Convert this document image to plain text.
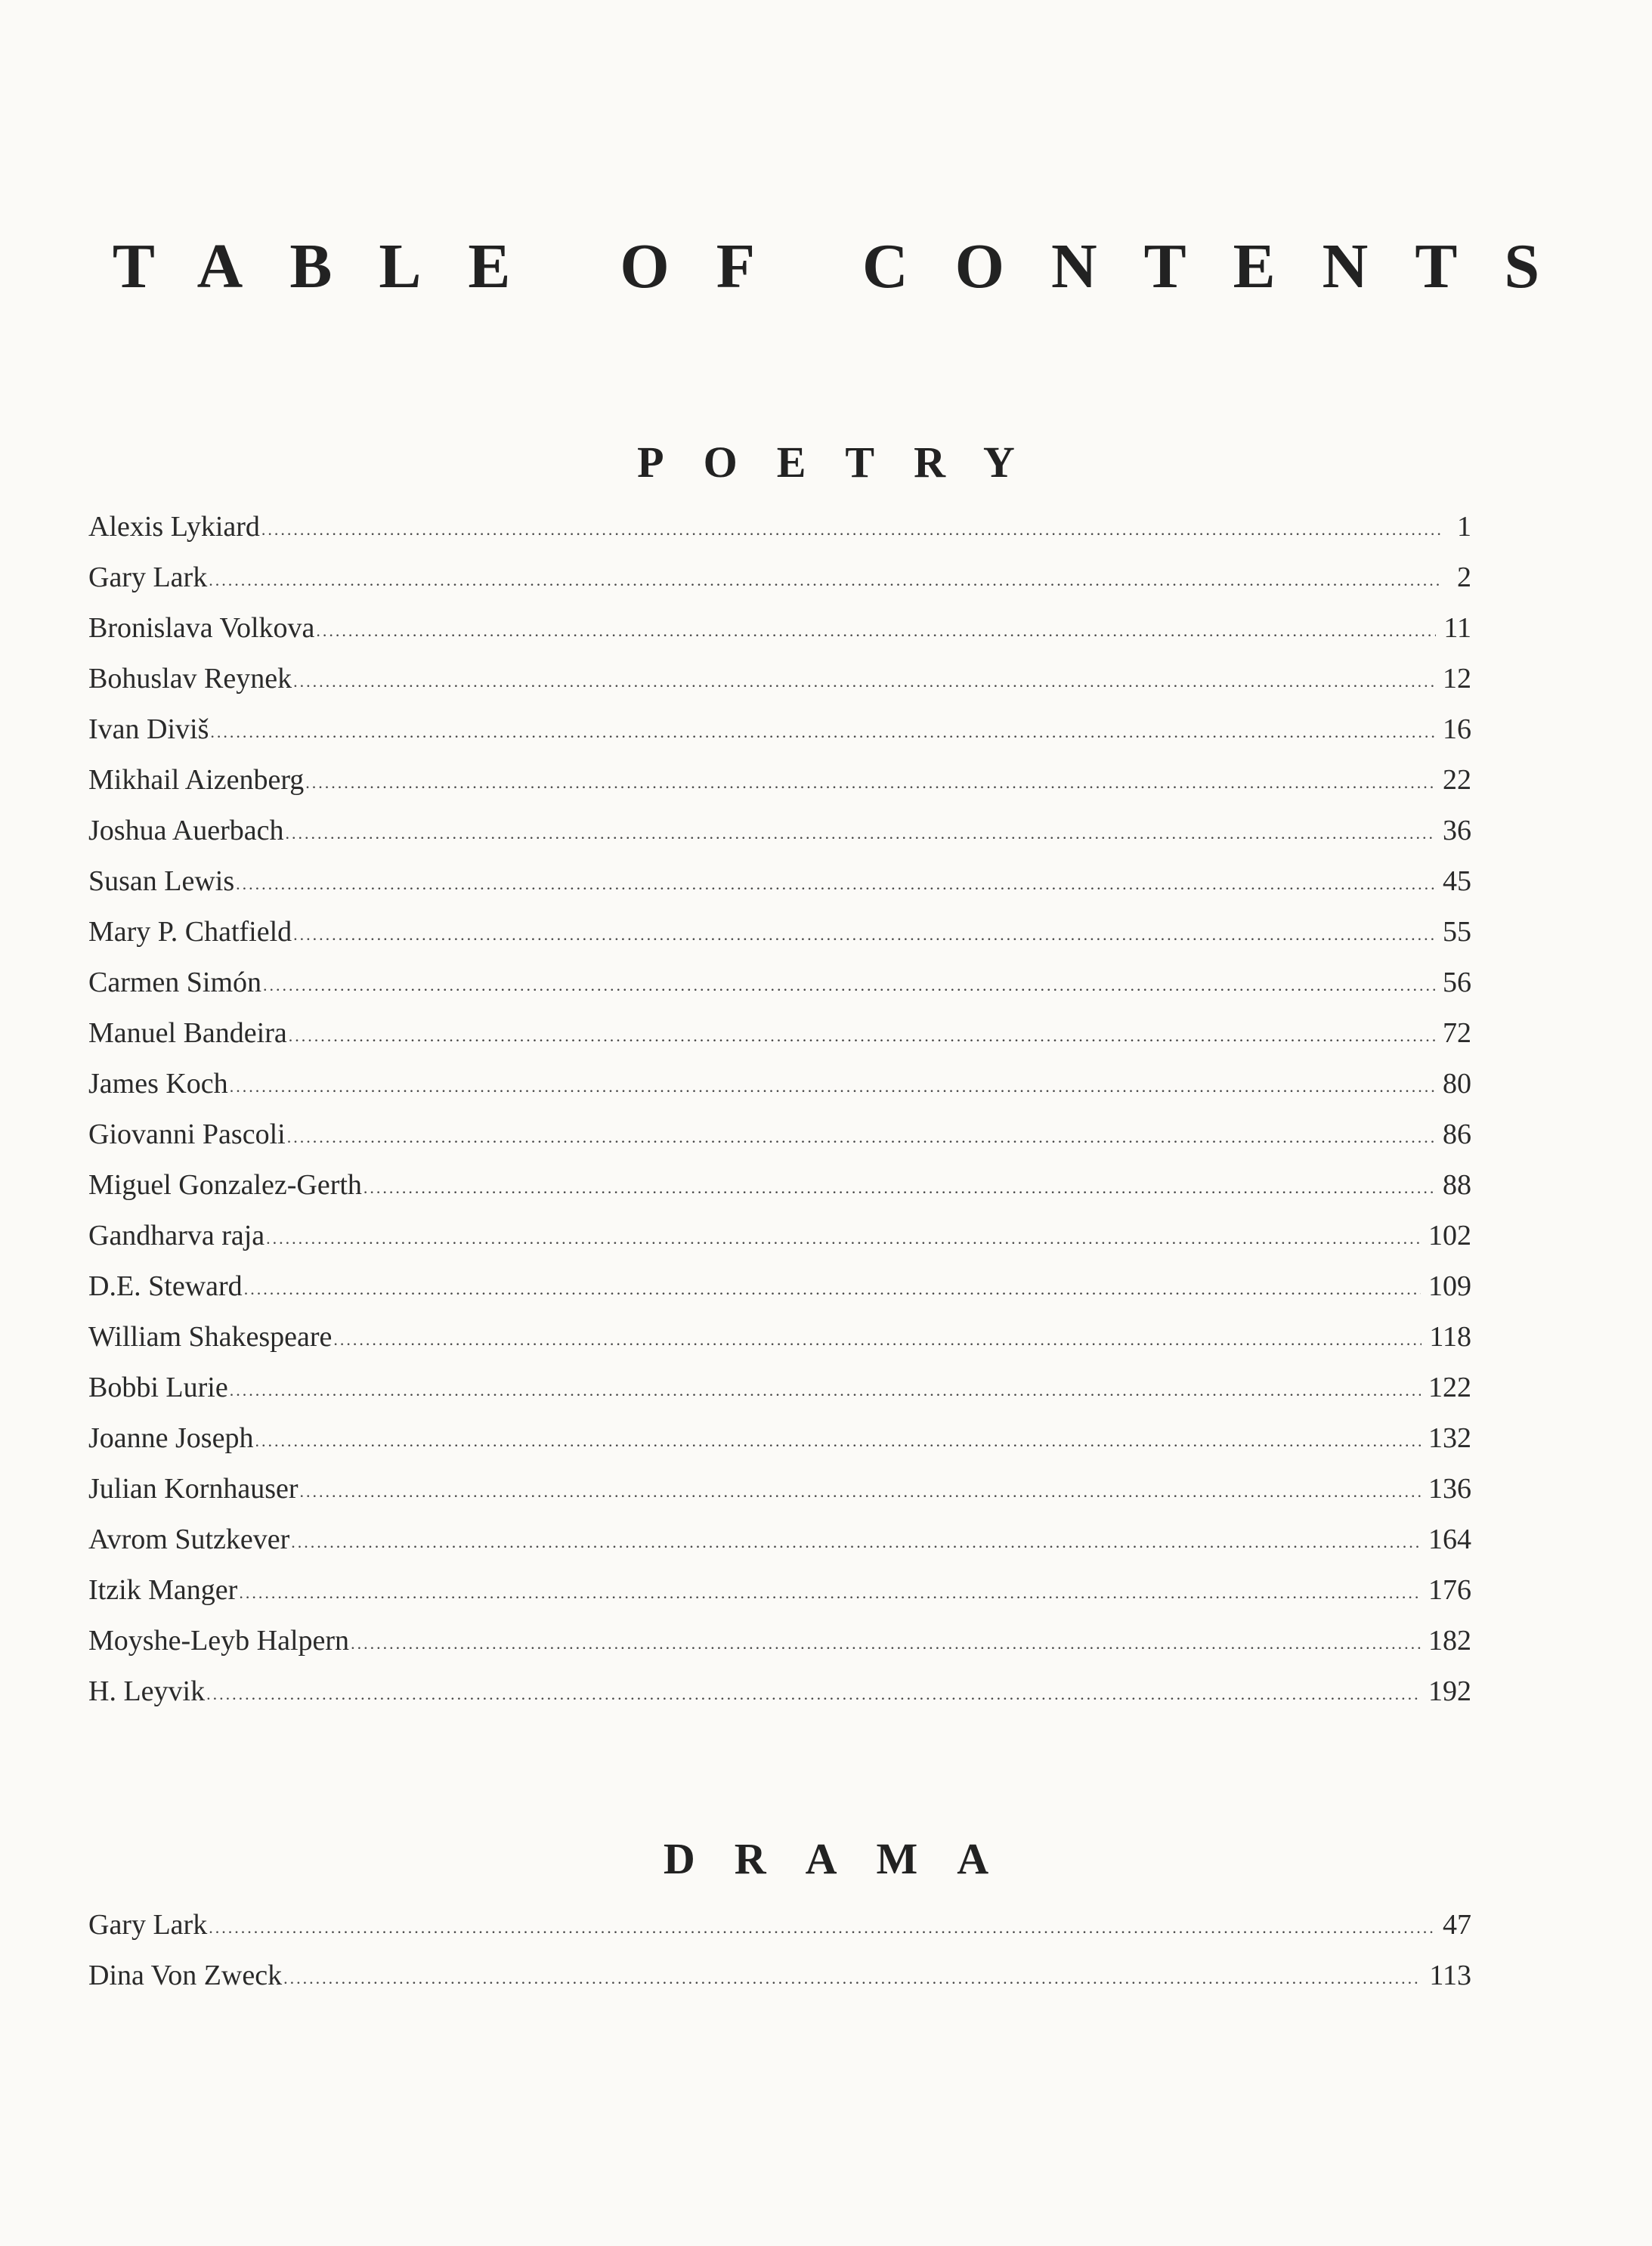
TABLE OF CONTENTS
POETRY
Alexis Lykiard .....	1
Gary Lark .....	2
Bronislava Volkova .....	11
Bohuslav Reynek .....	12
Ivan Diviš .....	16
Mikhail Aizenberg .....	22
Joshua Auerbach .....	36
Susan Lewis .....	45
Mary P. Chatfield .....	55
Carmen Simón .....	56
Manuel Bandeira .....	72
James Koch .....	80
Giovanni Pascoli .....	86
Miguel Gonzalez-Gerth .....	88
Gandharva raja .....	102
D.E. Steward .....	109
William Shakespeare .....	118
Bobbi Lurie .....	122
Joanne Joseph .....	132
Julian Kornhauser .....	136
Avrom Sutzkever .....	164
Itzik Manger .....	176
Moyshe-Leyb Halpern .....	182
H. Leyvik .....	192
DRAMA
Gary Lark .....	47
Dina Von Zweck .....	113
